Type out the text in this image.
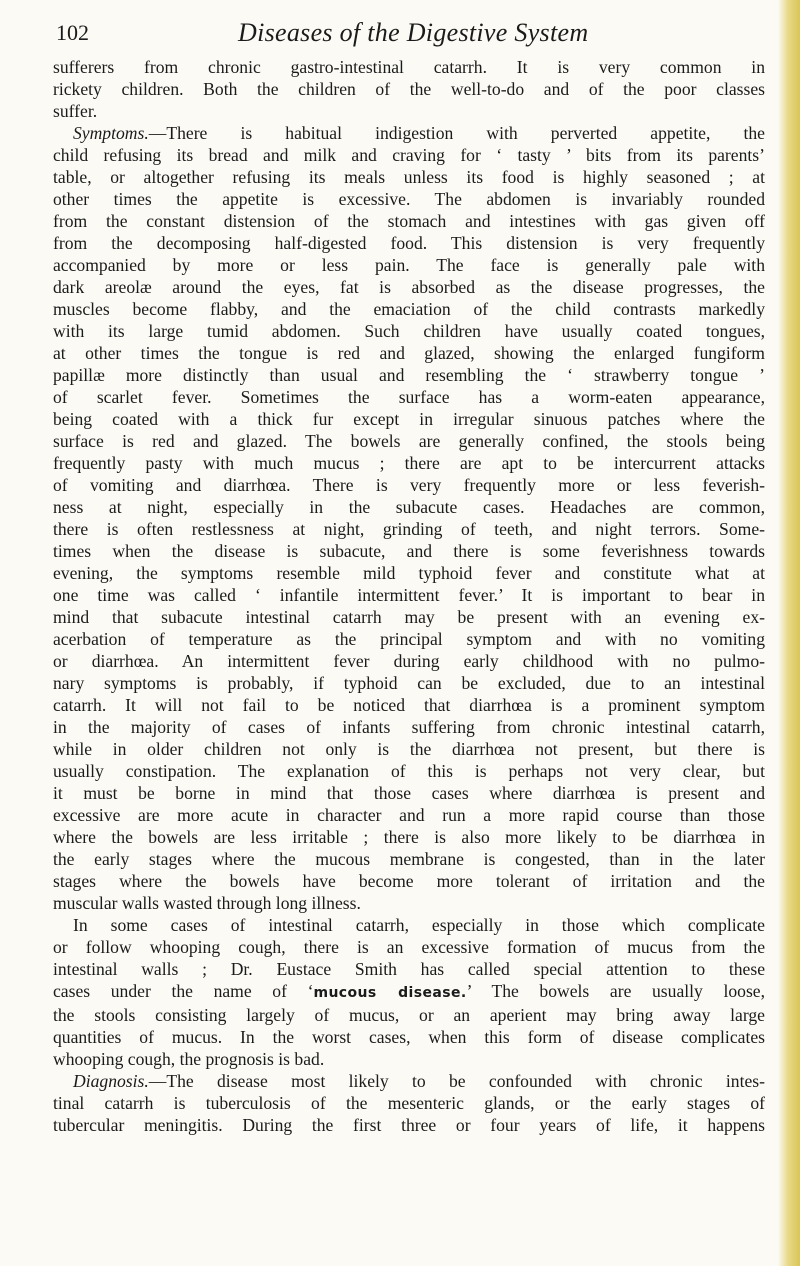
102	Diseases of the Digestive System
sufferers from chronic gastro-intestinal catarrh. It is very common in
rickety children. Both the children of the well-to-do and of the poor classes
suffer.
Symptoms.—There is habitual indigestion with perverted appetite, the
child refusing its bread and milk and craving for ‘ tasty ’ bits from its parents’
table, or altogether refusing its meals unless its food is highly seasoned ; at
other times the appetite is excessive. The abdomen is invariably rounded
from the constant distension of the stomach and intestines with gas given off
from the decomposing half-digested food. This distension is very frequently
accompanied by more or less pain. The face is generally pale with
dark areolæ around the eyes, fat is absorbed as the disease progresses, the
muscles become flabby, and the emaciation of the child contrasts markedly
with its large tumid abdomen. Such children have usually coated tongues,
at other times the tongue is red and glazed, showing the enlarged fungiform
papillæ more distinctly than usual and resembling the ‘ strawberry tongue ’
of scarlet fever. Sometimes the surface has a worm-eaten appearance,
being coated with a thick fur except in irregular sinuous patches where the
surface is red and glazed. The bowels are generally confined, the stools being
frequently pasty with much mucus ; there are apt to be intercurrent attacks
of vomiting and diarrhœa. There is very frequently more or less feverish-
ness at night, especially in the subacute cases. Headaches are common,
there is often restlessness at night, grinding of teeth, and night terrors. Some-
times when the disease is subacute, and there is some feverishness towards
evening, the symptoms resemble mild typhoid fever and constitute what at
one time was called ‘ infantile intermittent fever.’ It is important to bear in
mind that subacute intestinal catarrh may be present with an evening ex-
acerbation of temperature as the principal symptom and with no vomiting
or diarrhœa. An intermittent fever during early childhood with no pulmo-
nary symptoms is probably, if typhoid can be excluded, due to an intestinal
catarrh. It will not fail to be noticed that diarrhœa is a prominent symptom
in the majority of cases of infants suffering from chronic intestinal catarrh,
while in older children not only is the diarrhœa not present, but there is
usually constipation. The explanation of this is perhaps not very clear, but
it must be borne in mind that those cases where diarrhœa is present and
excessive are more acute in character and run a more rapid course than those
where the bowels are less irritable ; there is also more likely to be diarrhœa in
the early stages where the mucous membrane is congested, than in the later
stages where the bowels have become more tolerant of irritation and the
muscular walls wasted through long illness.
In some cases of intestinal catarrh, especially in those which complicate
or follow whooping cough, there is an excessive formation of mucus from the
intestinal walls ; Dr. Eustace Smith has called special attention to these
cases under the name of ‘mucous disease.’ The bowels are usually loose,
the stools consisting largely of mucus, or an aperient may bring away large
quantities of mucus. In the worst cases, when this form of disease complicates
whooping cough, the prognosis is bad.
Diagnosis.—The disease most likely to be confounded with chronic intes-
tinal catarrh is tuberculosis of the mesenteric glands, or the early stages of
tubercular meningitis. During the first three or four years of life, it happens
